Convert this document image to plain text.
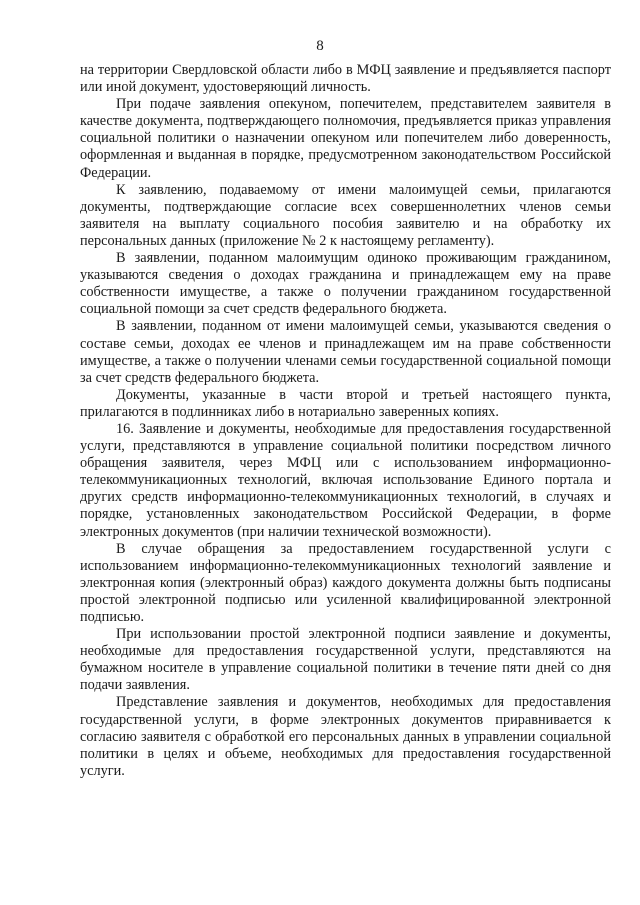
8

на территории Свердловской области либо в МФЦ заявление и предъявляется паспорт или иной документ, удостоверяющий личность.

При подаче заявления опекуном, попечителем, представителем заявителя в качестве документа, подтверждающего полномочия, предъявляется приказ управления социальной политики о назначении опекуном или попечителем либо доверенность, оформленная и выданная в порядке, предусмотренном законодательством Российской Федерации.

К заявлению, подаваемому от имени малоимущей семьи, прилагаются документы, подтверждающие согласие всех совершеннолетних членов семьи заявителя на выплату социального пособия заявителю и на обработку их персональных данных (приложение № 2 к настоящему регламенту).

В заявлении, поданном малоимущим одиноко проживающим гражданином, указываются сведения о доходах гражданина и принадлежащем ему на праве собственности имуществе, а также о получении гражданином государственной социальной помощи за счет средств федерального бюджета.

В заявлении, поданном от имени малоимущей семьи, указываются сведения о составе семьи, доходах ее членов и принадлежащем им на праве собственности имуществе, а также о получении членами семьи государственной социальной помощи за счет средств федерального бюджета.

Документы, указанные в части второй и третьей настоящего пункта, прилагаются в подлинниках либо в нотариально заверенных копиях.

16. Заявление и документы, необходимые для предоставления государственной услуги, представляются в управление социальной политики посредством личного обращения заявителя, через МФЦ или с использованием информационно-телекоммуникационных технологий, включая использование Единого портала и других средств информационно-телекоммуникационных технологий, в случаях и порядке, установленных законодательством Российской Федерации, в форме электронных документов (при наличии технической возможности).

В случае обращения за предоставлением государственной услуги с использованием информационно-телекоммуникационных технологий заявление и электронная копия (электронный образ) каждого документа должны быть подписаны простой электронной подписью или усиленной квалифицированной электронной подписью.

При использовании простой электронной подписи заявление и документы, необходимые для предоставления государственной услуги, представляются на бумажном носителе в управление социальной политики в течение пяти дней со дня подачи заявления.

Представление заявления и документов, необходимых для предоставления государственной услуги, в форме электронных документов приравнивается к согласию заявителя с обработкой его персональных данных в управлении социальной политики в целях и объеме, необходимых для предоставления государственной услуги.
